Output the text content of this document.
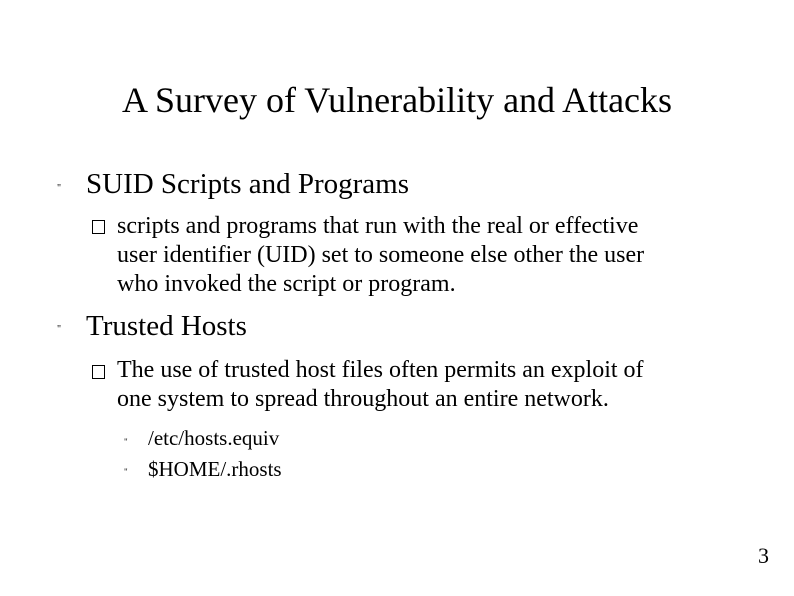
A Survey of Vulnerability and Attacks
" SUID Scripts and Programs
scripts and programs that run with the real or effective
user identifier (UID) set to someone else other the user
who invoked the script or program.
" Trusted Hosts
The use of trusted host files often permits an exploit of
one system to spread throughout an entire network.
" /etc/hosts.equiv
" $HOME/.rhosts
3
